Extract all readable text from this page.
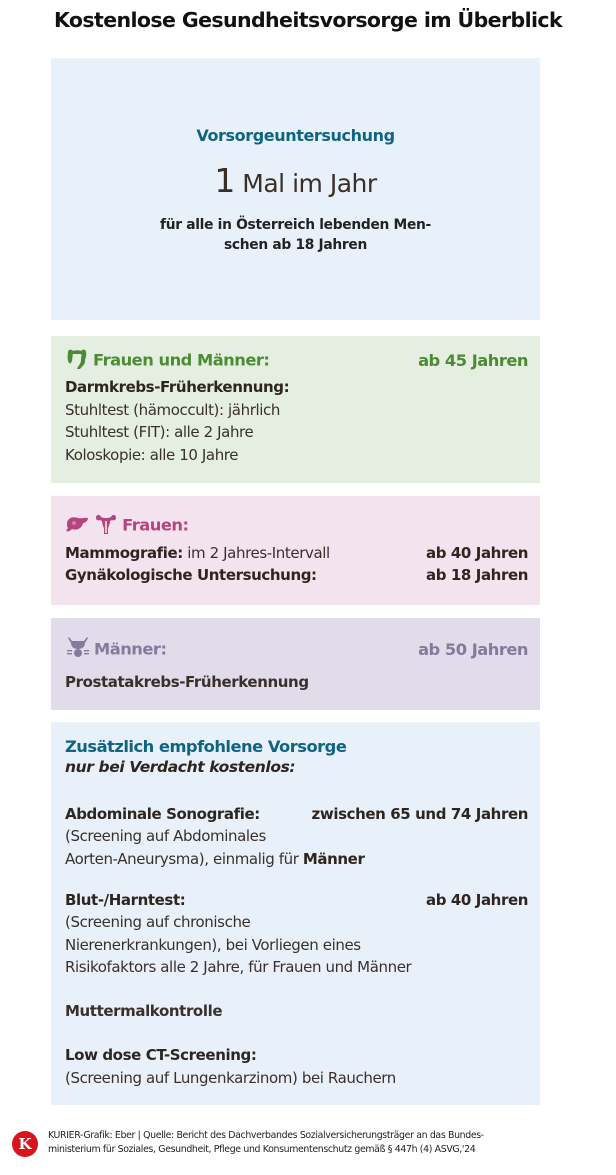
Kostenlose Gesundheitsvorsorge im Überblick
Vorsorgeuntersuchung
1 Mal im Jahr
für alle in Österreich lebenden Men-
schen ab 18 Jahren
Frauen und Männer:	ab 45 Jahren
Darmkrebs-Früherkennung:
Stuhltest (hämoccult): jährlich
Stuhltest (FIT): alle 2 Jahre
Koloskopie: alle 10 Jahre
Frauen:
Mammografie: im 2 Jahres-Intervall	ab 40 Jahren
Gynäkologische Untersuchung:	ab 18 Jahren
Männer:	ab 50 Jahren
Prostatakrebs-Früherkennung
Zusätzlich empfohlene Vorsorge
nur bei Verdacht kostenlos:
Abdominale Sonografie:	zwischen 65 und 74 Jahren
(Screening auf Abdominales
Aorten-Aneurysma), einmalig für Männer
Blut-/Harntest:	ab 40 Jahren
(Screening auf chronische
Nierenerkrankungen), bei Vorliegen eines
Risikofaktors alle 2 Jahre, für Frauen und Männer
Muttermalkontrolle
Low dose CT-Screening:
(Screening auf Lungenkarzinom) bei Rauchern
K	KURIER-Grafik: Eber | Quelle: Bericht des Dachverbandes Sozialversicherungsträger an das Bundes-
ministerium für Soziales, Gesundheit, Pflege und Konsumentenschutz gemäß § 447h (4) ASVG,'24
